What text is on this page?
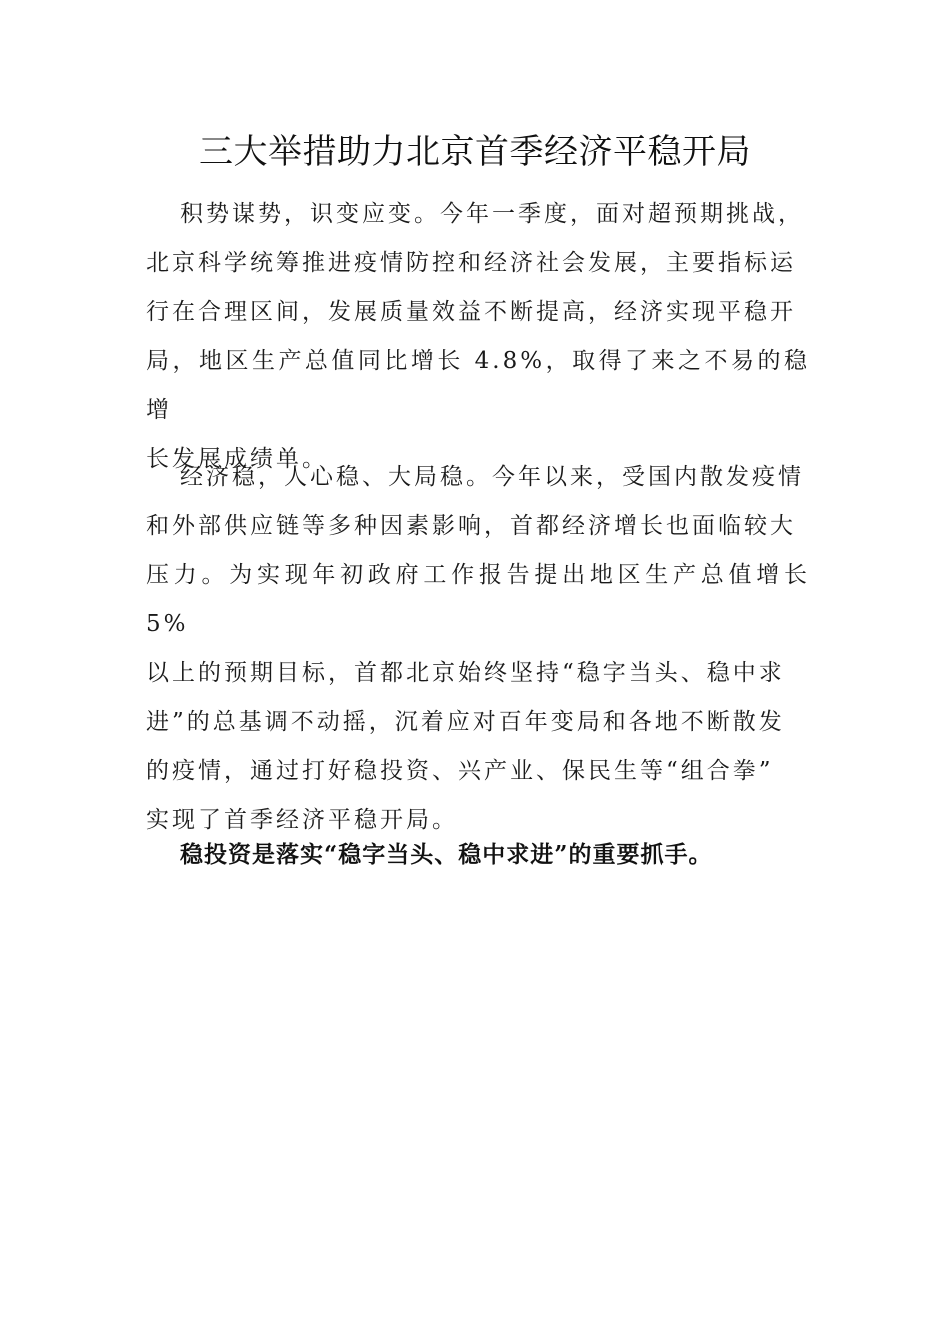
三大举措助力北京首季经济平稳开局

积势谋势，识变应变。今年一季度，面对超预期挑战，
北京科学统筹推进疫情防控和经济社会发展，主要指标运
行在合理区间，发展质量效益不断提高，经济实现平稳开
局，地区生产总值同比增长 4.8%，取得了来之不易的稳增
长发展成绩单。

经济稳，人心稳、大局稳。今年以来，受国内散发疫情
和外部供应链等多种因素影响，首都经济增长也面临较大
压力。为实现年初政府工作报告提出地区生产总值增长 5%
以上的预期目标，首都北京始终坚持“稳字当头、稳中求
进”的总基调不动摇，沉着应对百年变局和各地不断散发
的疫情，通过打好稳投资、兴产业、保民生等“组合拳”
实现了首季经济平稳开局。

稳投资是落实“稳字当头、稳中求进”的重要抓手。
